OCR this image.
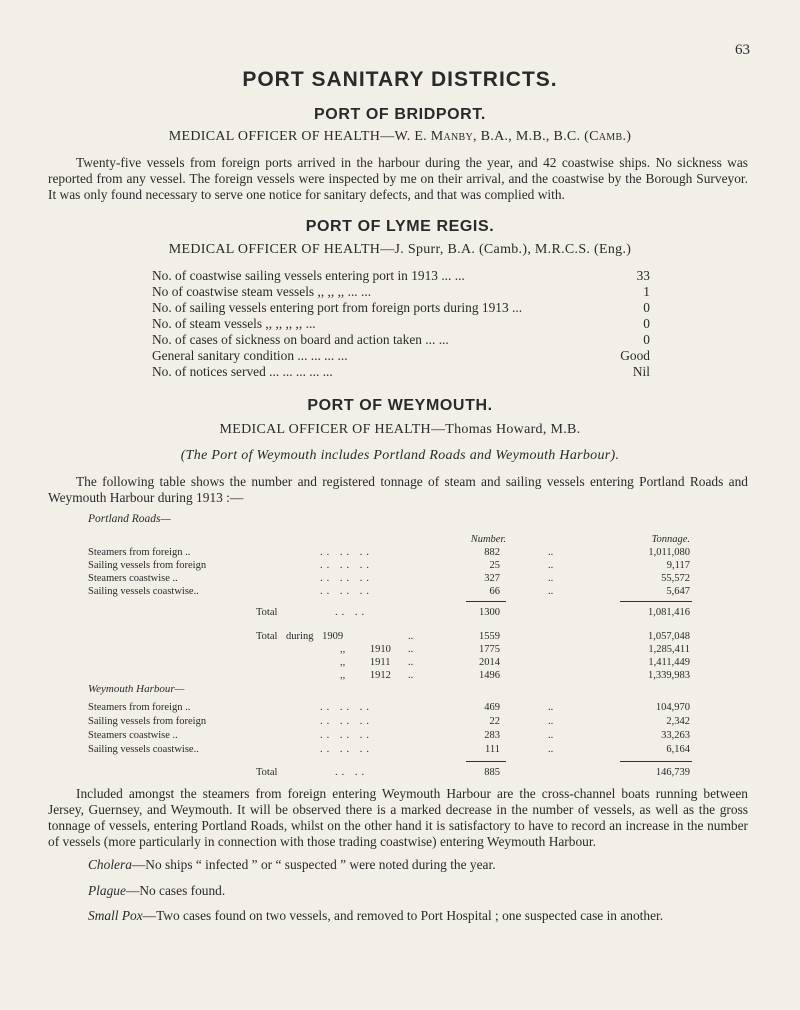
63
PORT SANITARY DISTRICTS.
PORT OF BRIDPORT.
MEDICAL OFFICER OF HEALTH—W. E. Manby, B.A., M.B., B.C. (Camb.)
Twenty-five vessels from foreign ports arrived in the harbour during the year, and 42 coastwise ships. No sickness was reported from any vessel. The foreign vessels were inspected by me on their arrival, and the coastwise by the Borough Surveyor. It was only found necessary to serve one notice for sanitary defects, and that was complied with.
PORT OF LYME REGIS.
MEDICAL OFFICER OF HEALTH—J. Spurr, B.A. (Camb.), M.R.C.S. (Eng.)
No. of coastwise sailing vessels entering port in 1913 ... ...	33
No of coastwise steam vessels ,, ,, ,, ... ...	1
No. of sailing vessels entering port from foreign ports during 1913 ...	0
No. of steam vessels ,, ,, ,, ,, ...	0
No. of cases of sickness on board and action taken ... ...	0
General sanitary condition ... ... ... ...	Good
No. of notices served ... ... ... ... ...	Nil
PORT OF WEYMOUTH.
MEDICAL OFFICER OF HEALTH—Thomas Howard, M.B.
(The Port of Weymouth includes Portland Roads and Weymouth Harbour).
The following table shows the number and registered tonnage of steam and sailing vessels entering Portland Roads and Weymouth Harbour during 1913 :—
Portland Roads—
Number.	Tonnage.
Steamers from foreign ..	.. .. ..	882	..	1,011,080
Sailing vessels from foreign	.. .. ..	25	..	9,117
Steamers coastwise ..	.. .. ..	327	..	55,572
Sailing vessels coastwise..	.. .. ..	66	..	5,647
Total	.. ..	1300	1,081,416
Total during 1909	..	1559	1,057,048
,, 1910 ..	1775	1,285,411
,, 1911 ..	2014	1,411,449
,, 1912 ..	1496	1,339,983
Weymouth Harbour—
Steamers from foreign ..	.. .. ..	469	..	104,970
Sailing vessels from foreign	.. .. ..	22	..	2,342
Steamers coastwise ..	.. .. ..	283	..	33,263
Sailing vessels coastwise..	.. .. ..	111	..	6,164
Total	.. ..	885	146,739
Included amongst the steamers from foreign entering Weymouth Harbour are the cross-channel boats running between Jersey, Guernsey, and Weymouth. It will be observed there is a marked decrease in the number of vessels, as well as the gross tonnage of vessels, entering Portland Roads, whilst on the other hand it is satisfactory to have to record an increase in the number of vessels (more particularly in connection with those trading coastwise) entering Weymouth Harbour.
Cholera—No ships “ infected ” or “ suspected ” were noted during the year.
Plague—No cases found.
Small Pox—Two cases found on two vessels, and removed to Port Hospital ; one suspected case in another.
